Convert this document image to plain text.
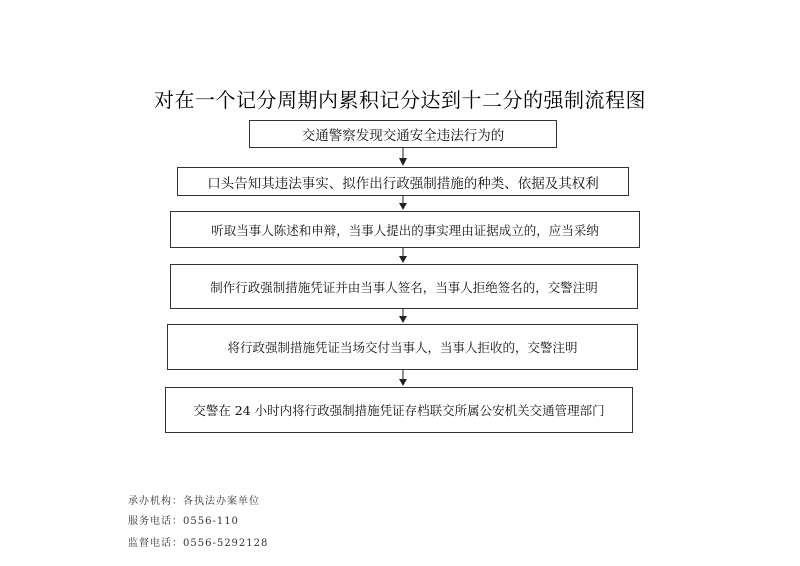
对在一个记分周期内累积记分达到十二分的强制流程图
交通警察发现交通安全违法行为的
口头告知其违法事实、拟作出行政强制措施的种类、依据及其权利
听取当事人陈述和申辩，当事人提出的事实理由证据成立的，应当采纳
制作行政强制措施凭证并由当事人签名，当事人拒绝签名的，交警注明
将行政强制措施凭证当场交付当事人，当事人拒收的，交警注明
交警在 24 小时内将行政强制措施凭证存档联交所属公安机关交通管理部门
承办机构：各执法办案单位
服务电话：0556-110
监督电话：0556-5292128
